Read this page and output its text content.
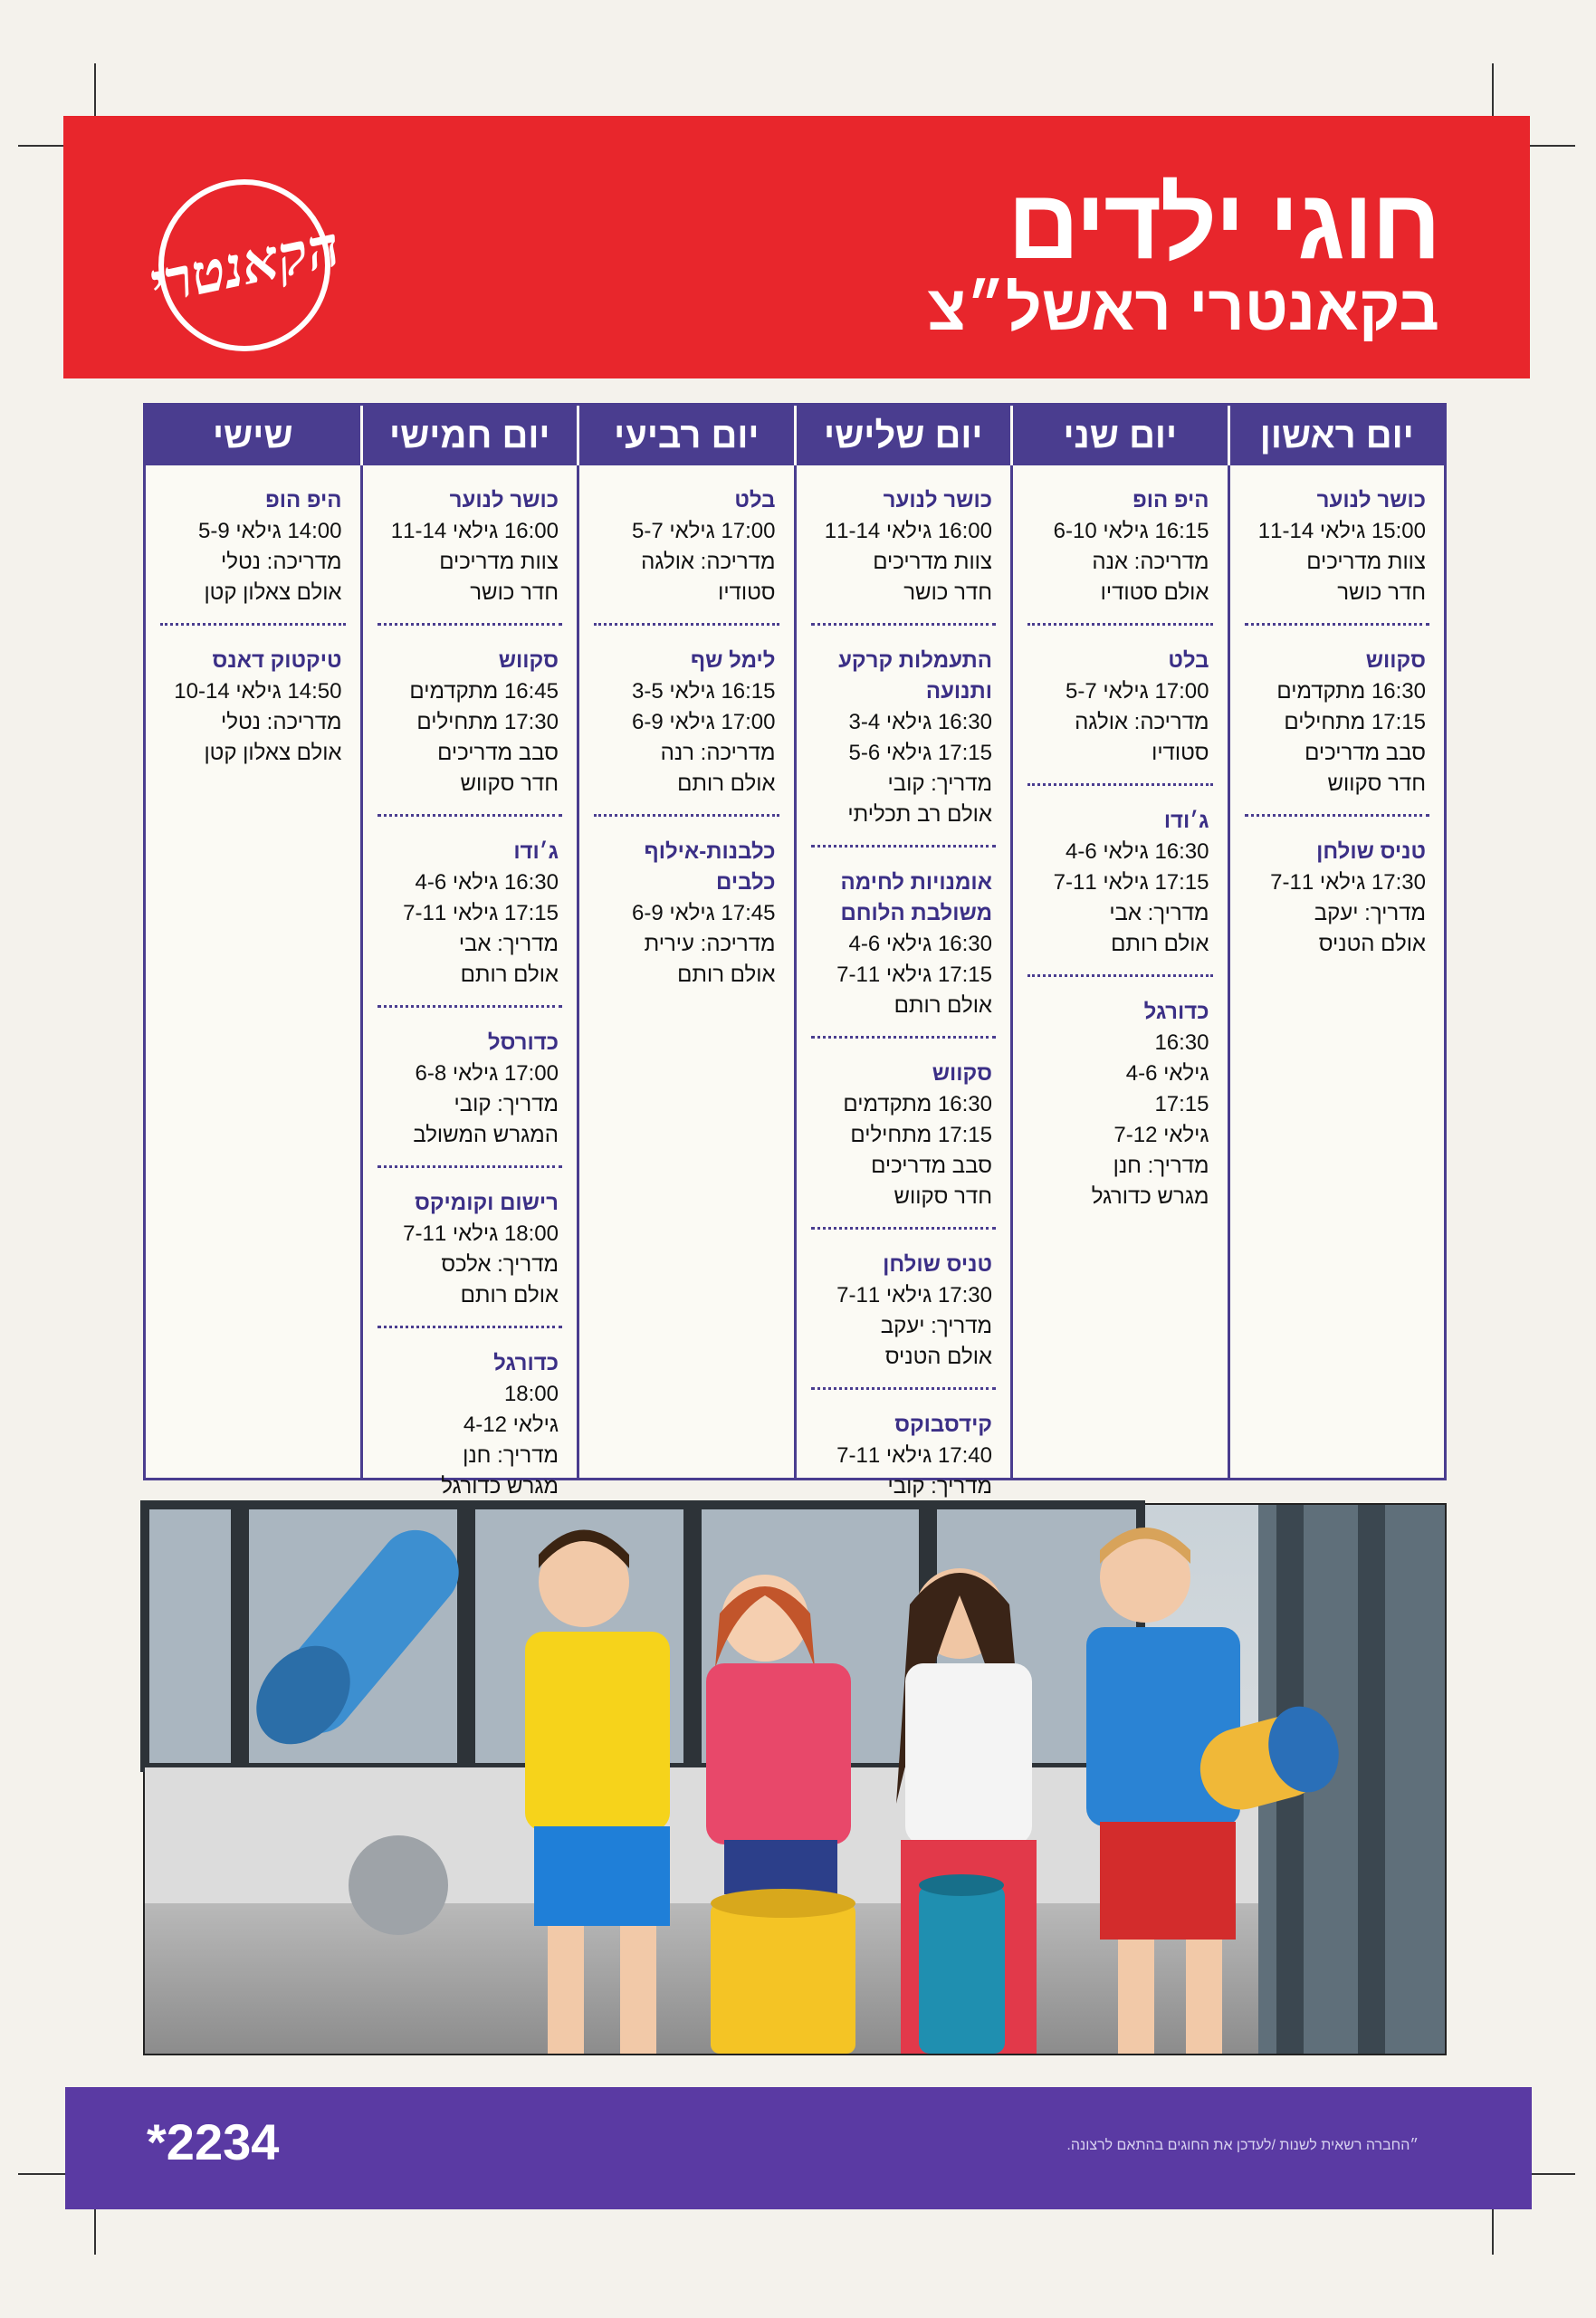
חוגי ילדים
בקאנטרי ראשל״צ
הקאנטרי
יום ראשון
יום שני
יום שלישי
יום רביעי
יום חמישי
שישי
כושר לנוער
15:00 גילאי 11-14
צוות מדריכים
חדר כושר
סקווש
16:30 מתקדמים
17:15 מתחילים
סבב מדריכים
חדר סקווש
טניס שולחן
17:30 גילאי 7-11
מדריך: יעקב
אולם הטניס
היפ הופ
16:15 גילאי 6-10
מדריכה: אנה
אולם סטודיו
בלט
17:00 גילאי 5-7
מדריכה: אולגה
סטודיו
ג׳ודו
16:30 גילאי 4-6
17:15 גילאי 7-11
מדריך: אבי
אולם רותם
כדורגל
16:30
גילאי 4-6
17:15
גילאי 7-12
מדריך: חנן
מגרש כדורגל
כושר לנוער
16:00 גילאי 11-14
צוות מדריכים
חדר כושר
התעמלות קרקע ותנועה
16:30 גילאי 3-4
17:15 גילאי 5-6
מדריך: קובי
אולם רב תכליתי
אומנויות לחימה משולבת הלוחם
16:30 גילאי 4-6
17:15 גילאי 7-11
אולם רותם
סקווש
16:30 מתקדמים
17:15 מתחילים
סבב מדריכים
חדר סקווש
טניס שולחן
17:30 גילאי 7-11
מדריך: יעקב
אולם הטניס
קידסבוקס
17:40 גילאי 7-11
מדריך: קובי
בלט
17:00 גילאי 5-7
מדריכה: אולגה
סטודיו
לימל שף
16:15 גילאי 3-5
17:00 גילאי 6-9
מדריכה: רנה
אולם רותם
כלבנות-אילוף כלבים
17:45 גילאי 6-9
מדריכה: עירית
אולם רותם
כושר לנוער
16:00 גילאי 11-14
צוות מדריכים
חדר כושר
סקווש
16:45 מתקדמים
17:30 מתחילים
סבב מדריכים
חדר סקווש
ג׳ודו
16:30 גילאי 4-6
17:15 גילאי 7-11
מדריך: אבי
אולם רותם
כדורסל
17:00 גילאי 6-8
מדריך: קובי
המגרש המשולב
רישום וקומיקס
18:00 גילאי 7-11
מדריך: אלכס
אולם רותם
כדורגל
18:00
גילאי 4-12
מדריך: חנן
מגרש כדורגל
היפ הופ
14:00 גילאי 5-9
מדריכה: נטלי
אולם צאלון קטן
טיקטוק דאנס
14:50 גילאי 10-14
מדריכה: נטלי
אולם צאלון קטן
*2234	״החברה רשאית לשנות /לעדכן את החוגים בהתאם לרצונה.
